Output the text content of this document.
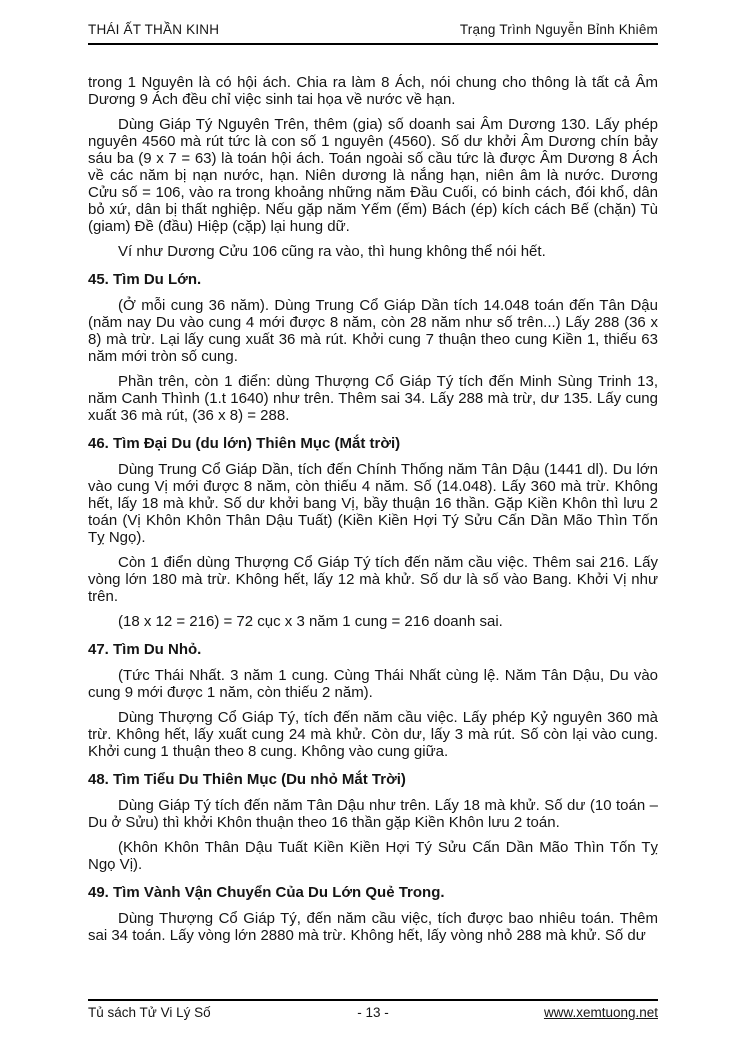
THÁI ẤT THẦN KINH	Trạng Trình Nguyễn Bỉnh Khiêm

trong 1 Nguyên là có hội ách. Chia ra làm 8 Ách, nói chung cho thông là tất cả Âm Dương 9 Ách đều chỉ việc sinh tai họa về nước về hạn.

Dùng Giáp Tý Nguyên Trên, thêm (gia) số doanh sai Âm Dương 130. Lấy phép nguyên 4560 mà rút tức là con số 1 nguyên (4560). Số dư khởi Âm Dương chín bảy sáu ba (9 x 7 = 63) là toán hội ách. Toán ngoài số cầu tức là được Âm Dương 8 Ách về các năm bị nạn nước, hạn. Niên dương là nắng hạn, niên âm là nước. Dương Cửu số = 106, vào ra trong khoảng những năm Đầu Cuối, có binh cách, đói khổ, dân bỏ xứ, dân bị thất nghiệp. Nếu gặp năm Yếm (ếm) Bách (ép) kích cách Bế (chặn) Tù (giam) Đề (đầu) Hiệp (cặp) lại hung dữ.

Ví như Dương Cửu 106 cũng ra vào, thì hung không thể nói hết.

45. Tìm Du Lớn.

(Ở mỗi cung 36 năm). Dùng Trung Cổ Giáp Dần tích 14.048 toán đến Tân Dậu (năm nay Du vào cung 4 mới được 8 năm, còn 28 năm như số trên...) Lấy 288 (36 x 8) mà trừ. Lại lấy cung xuất 36 mà rút. Khởi cung 7 thuận theo cung Kiền 1, thiếu 63 năm mới tròn số cung.

Phần trên, còn 1 điển: dùng Thượng Cổ Giáp Tý tích đến Minh Sùng Trinh 13, năm Canh Thình (1.t 1640) như trên. Thêm sai 34. Lấy 288 mà trừ, dư 135. Lấy cung xuất 36 mà rút, (36 x 8) = 288.

46. Tìm Đại Du (du lớn) Thiên Mục (Mắt trời)

Dùng Trung Cổ Giáp Dần, tích đến Chính Thống năm Tân Dậu (1441 dl). Du lớn vào cung Vị mới được 8 năm, còn thiếu 4 năm. Số (14.048). Lấy 360 mà trừ. Không hết, lấy 18 mà khử. Số dư khởi bang Vị, bầy thuận 16 thần. Gặp Kiền Khôn thì lưu 2 toán (Vị Khôn Khôn Thân Dậu Tuất) (Kiền Kiền Hợi Tý Sửu Cấn Dần Mão Thìn Tốn Tỵ Ngọ).

Còn 1 điển dùng Thượng Cổ Giáp Tý tích đến năm cầu việc. Thêm sai 216. Lấy vòng lớn 180 mà trừ. Không hết, lấy 12 mà khử. Số dư là số vào Bang. Khởi Vị như trên.

(18 x 12 = 216) = 72 cục x 3 năm 1 cung = 216 doanh sai.

47. Tìm Du Nhỏ.

(Tức Thái Nhất. 3 năm 1 cung. Cùng Thái Nhất cùng lệ. Năm Tân Dậu, Du vào cung 9 mới được 1 năm, còn thiếu 2 năm).

Dùng Thượng Cổ Giáp Tý, tích đến năm cầu việc. Lấy phép Kỷ nguyên 360 mà trừ. Không hết, lấy xuất cung 24 mà khử. Còn dư, lấy 3 mà rút. Số còn lại vào cung. Khởi cung 1 thuận theo 8 cung. Không vào cung giữa.

48. Tìm Tiểu Du Thiên Mục (Du nhỏ Mắt Trời)

Dùng Giáp Tý tích đến năm Tân Dậu như trên. Lấy 18 mà khử. Số dư (10 toán – Du ở Sửu) thì khởi Khôn thuận theo 16 thần gặp Kiền Khôn lưu 2 toán.

(Khôn Khôn Thân Dậu Tuất Kiền Kiền Hợi Tý Sửu Cấn Dần Mão Thìn Tốn Tỵ Ngọ Vị).

49. Tìm Vành Vận Chuyển Của Du Lớn Quẻ Trong.

Dùng Thượng Cổ Giáp Tý, đến năm cầu việc, tích được bao nhiêu toán. Thêm sai 34 toán. Lấy vòng lớn 2880 mà trừ. Không hết, lấy vòng nhỏ 288 mà khử. Số dư

Tủ sách Tử Vi Lý Số	- 13 -	www.xemtuong.net
